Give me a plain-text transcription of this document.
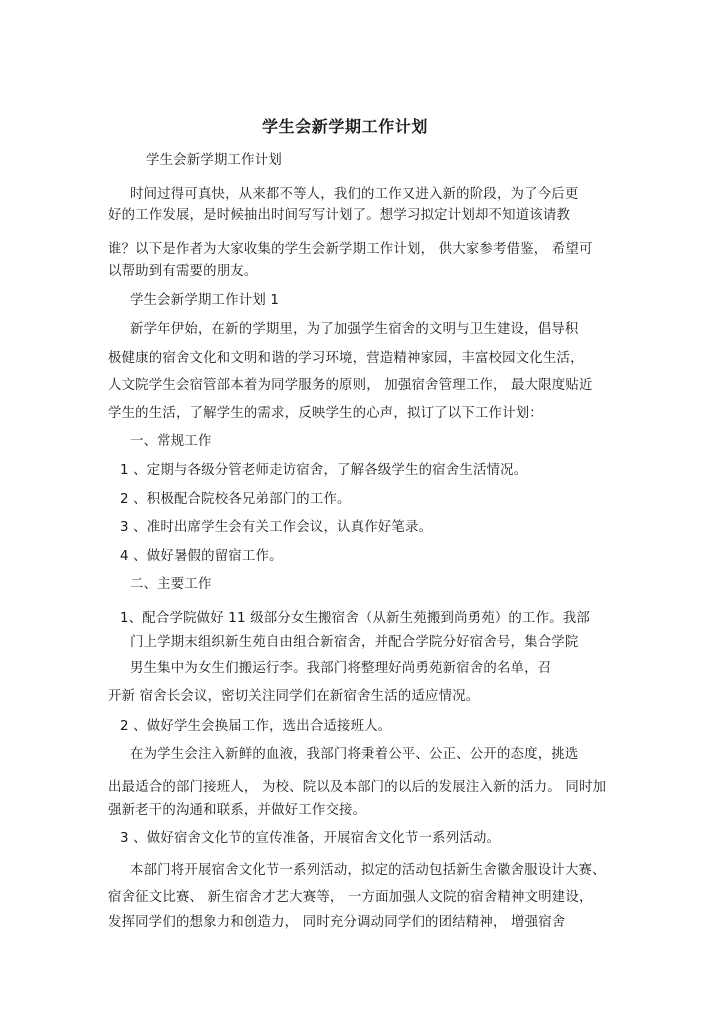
学生会新学期工作计划

学生会新学期工作计划

时间过得可真快，从来都不等人，我们的工作又进入新的阶段，为了今后更

好的工作发展，是时候抽出时间写写计划了。想学习拟定计划却不知道该请教

谁？以下是作者为大家收集的学生会新学期工作计划， 供大家参考借鉴， 希望可

以帮助到有需要的朋友。

学生会新学期工作计划 1

新学年伊始，在新的学期里，为了加强学生宿舍的文明与卫生建设，倡导积

极健康的宿舍文化和文明和谐的学习环境，营造精神家园，丰富校园文化生活，

人文院学生会宿管部本着为同学服务的原则， 加强宿舍管理工作， 最大限度贴近

学生的生活，了解学生的需求，反映学生的心声，拟订了以下工作计划：

一、常规工作

1 、定期与各级分管老师走访宿舍，了解各级学生的宿舍生活情况。

2 、积极配合院校各兄弟部门的工作。

3 、准时出席学生会有关工作会议，认真作好笔录。

4 、做好暑假的留宿工作。

二、主要工作

1、配合学院做好 11 级部分女生搬宿舍（从新生苑搬到尚勇苑）的工作。我部

门上学期末组织新生苑自由组合新宿舍，并配合学院分好宿舍号，集合学院

男生集中为女生们搬运行李。我部门将整理好尚勇苑新宿舍的名单，召

开新 宿舍长会议，密切关注同学们在新宿舍生活的适应情况。

2 、做好学生会换届工作，选出合适接班人。

在为学生会注入新鲜的血液，我部门将秉着公平、公正、公开的态度，挑选

出最适合的部门接班人， 为校、院以及本部门的以后的发展注入新的活力。 同时加

强新老干的沟通和联系，并做好工作交接。

3 、做好宿舍文化节的宣传准备，开展宿舍文化节一系列活动。

本部门将开展宿舍文化节一系列活动，拟定的活动包括新生舍徽舍服设计大赛、

宿舍征文比赛、 新生宿舍才艺大赛等， 一方面加强人文院的宿舍精神文明建设，

发挥同学们的想象力和创造力， 同时充分调动同学们的团结精神， 增强宿舍
